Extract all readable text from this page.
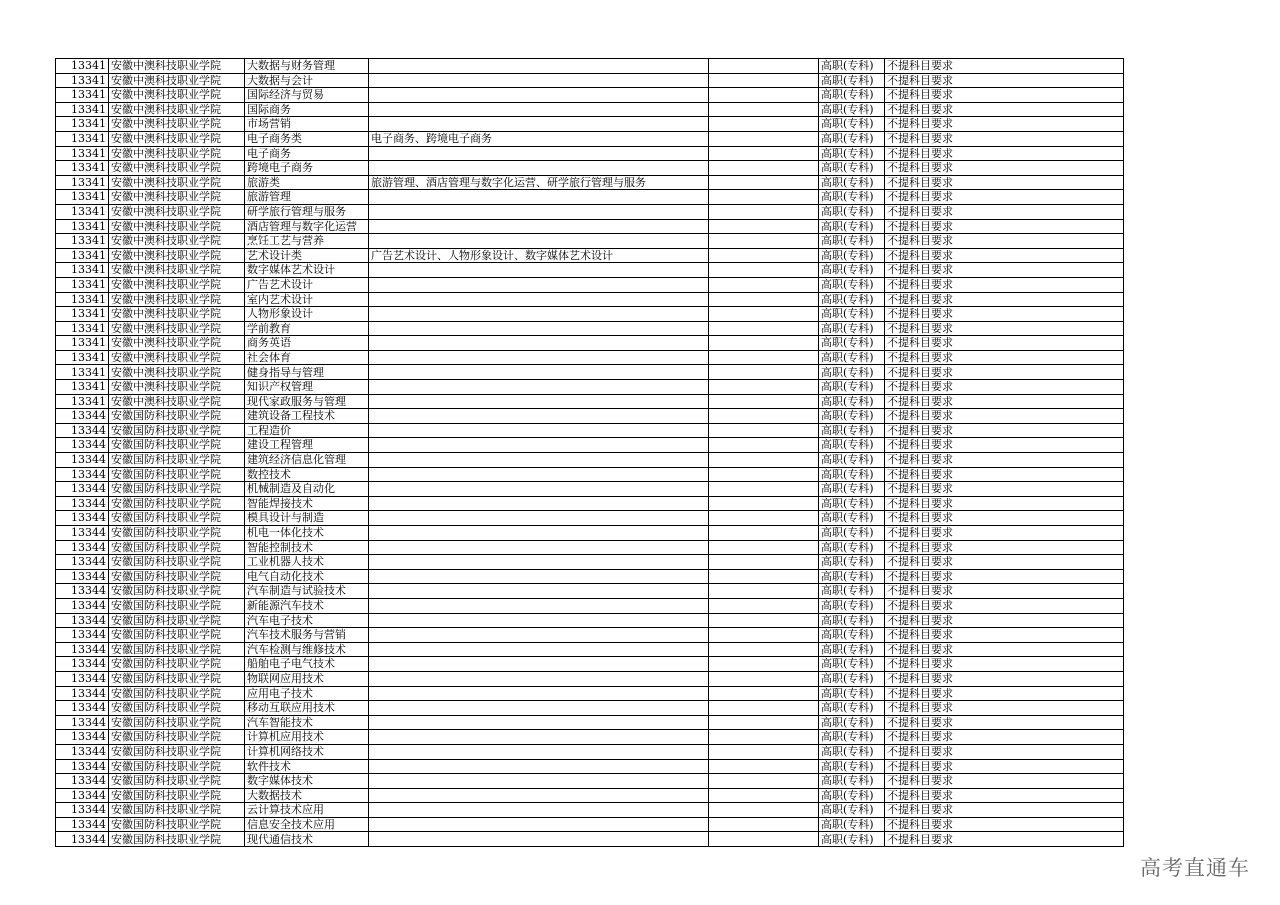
13341	安徽中澳科技职业学院	大数据与财务管理			高职(专科)	不提科目要求
13341	安徽中澳科技职业学院	大数据与会计			高职(专科)	不提科目要求
13341	安徽中澳科技职业学院	国际经济与贸易			高职(专科)	不提科目要求
13341	安徽中澳科技职业学院	国际商务			高职(专科)	不提科目要求
13341	安徽中澳科技职业学院	市场营销			高职(专科)	不提科目要求
13341	安徽中澳科技职业学院	电子商务类	电子商务、跨境电子商务		高职(专科)	不提科目要求
13341	安徽中澳科技职业学院	电子商务			高职(专科)	不提科目要求
13341	安徽中澳科技职业学院	跨境电子商务			高职(专科)	不提科目要求
13341	安徽中澳科技职业学院	旅游类	旅游管理、酒店管理与数字化运营、研学旅行管理与服务		高职(专科)	不提科目要求
13341	安徽中澳科技职业学院	旅游管理			高职(专科)	不提科目要求
13341	安徽中澳科技职业学院	研学旅行管理与服务			高职(专科)	不提科目要求
13341	安徽中澳科技职业学院	酒店管理与数字化运营			高职(专科)	不提科目要求
13341	安徽中澳科技职业学院	烹饪工艺与营养			高职(专科)	不提科目要求
13341	安徽中澳科技职业学院	艺术设计类	广告艺术设计、人物形象设计、数字媒体艺术设计		高职(专科)	不提科目要求
13341	安徽中澳科技职业学院	数字媒体艺术设计			高职(专科)	不提科目要求
13341	安徽中澳科技职业学院	广告艺术设计			高职(专科)	不提科目要求
13341	安徽中澳科技职业学院	室内艺术设计			高职(专科)	不提科目要求
13341	安徽中澳科技职业学院	人物形象设计			高职(专科)	不提科目要求
13341	安徽中澳科技职业学院	学前教育			高职(专科)	不提科目要求
13341	安徽中澳科技职业学院	商务英语			高职(专科)	不提科目要求
13341	安徽中澳科技职业学院	社会体育			高职(专科)	不提科目要求
13341	安徽中澳科技职业学院	健身指导与管理			高职(专科)	不提科目要求
13341	安徽中澳科技职业学院	知识产权管理			高职(专科)	不提科目要求
13341	安徽中澳科技职业学院	现代家政服务与管理			高职(专科)	不提科目要求
13344	安徽国防科技职业学院	建筑设备工程技术			高职(专科)	不提科目要求
13344	安徽国防科技职业学院	工程造价			高职(专科)	不提科目要求
13344	安徽国防科技职业学院	建设工程管理			高职(专科)	不提科目要求
13344	安徽国防科技职业学院	建筑经济信息化管理			高职(专科)	不提科目要求
13344	安徽国防科技职业学院	数控技术			高职(专科)	不提科目要求
13344	安徽国防科技职业学院	机械制造及自动化			高职(专科)	不提科目要求
13344	安徽国防科技职业学院	智能焊接技术			高职(专科)	不提科目要求
13344	安徽国防科技职业学院	模具设计与制造			高职(专科)	不提科目要求
13344	安徽国防科技职业学院	机电一体化技术			高职(专科)	不提科目要求
13344	安徽国防科技职业学院	智能控制技术			高职(专科)	不提科目要求
13344	安徽国防科技职业学院	工业机器人技术			高职(专科)	不提科目要求
13344	安徽国防科技职业学院	电气自动化技术			高职(专科)	不提科目要求
13344	安徽国防科技职业学院	汽车制造与试验技术			高职(专科)	不提科目要求
13344	安徽国防科技职业学院	新能源汽车技术			高职(专科)	不提科目要求
13344	安徽国防科技职业学院	汽车电子技术			高职(专科)	不提科目要求
13344	安徽国防科技职业学院	汽车技术服务与营销			高职(专科)	不提科目要求
13344	安徽国防科技职业学院	汽车检测与维修技术			高职(专科)	不提科目要求
13344	安徽国防科技职业学院	船舶电子电气技术			高职(专科)	不提科目要求
13344	安徽国防科技职业学院	物联网应用技术			高职(专科)	不提科目要求
13344	安徽国防科技职业学院	应用电子技术			高职(专科)	不提科目要求
13344	安徽国防科技职业学院	移动互联应用技术			高职(专科)	不提科目要求
13344	安徽国防科技职业学院	汽车智能技术			高职(专科)	不提科目要求
13344	安徽国防科技职业学院	计算机应用技术			高职(专科)	不提科目要求
13344	安徽国防科技职业学院	计算机网络技术			高职(专科)	不提科目要求
13344	安徽国防科技职业学院	软件技术			高职(专科)	不提科目要求
13344	安徽国防科技职业学院	数字媒体技术			高职(专科)	不提科目要求
13344	安徽国防科技职业学院	大数据技术			高职(专科)	不提科目要求
13344	安徽国防科技职业学院	云计算技术应用			高职(专科)	不提科目要求
13344	安徽国防科技职业学院	信息安全技术应用			高职(专科)	不提科目要求
13344	安徽国防科技职业学院	现代通信技术			高职(专科)	不提科目要求
高考直通车
